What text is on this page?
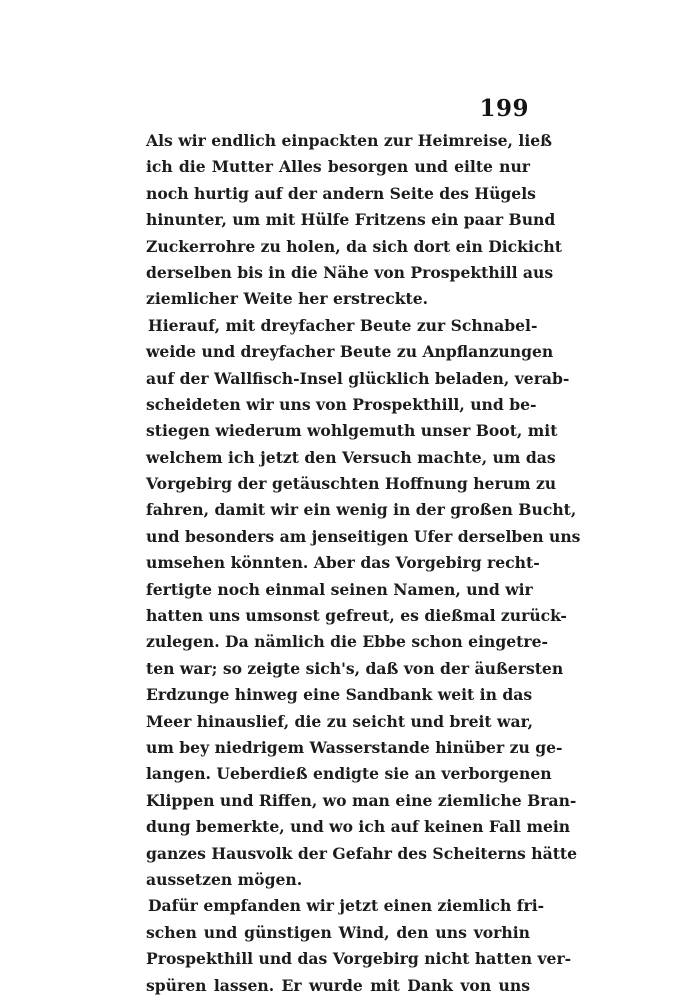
199
Als wir endlich einpackten zur Heimreise, ließ
ich die Mutter Alles besorgen und eilte nur
noch hurtig auf der andern Seite des Hügels
hinunter, um mit Hülfe Fritzens ein paar Bund
Zuckerrohre zu holen, da sich dort ein Dickicht
derselben bis in die Nähe von Prospekthill aus
ziemlicher Weite her erstreckte.
Hierauf, mit dreyfacher Beute zur Schnabel-
weide und dreyfacher Beute zu Anpflanzungen
auf der Wallfisch-Insel glücklich beladen, verab-
scheideten wir uns von Prospekthill, und be-
stiegen wiederum wohlgemuth unser Boot, mit
welchem ich jetzt den Versuch machte, um das
Vorgebirg der getäuschten Hoffnung herum zu
fahren, damit wir ein wenig in der großen Bucht,
und besonders am jenseitigen Ufer derselben uns
umsehen könnten. Aber das Vorgebirg recht-
fertigte noch einmal seinen Namen, und wir
hatten uns umsonst gefreut, es dießmal zurück-
zulegen. Da nämlich die Ebbe schon eingetre-
ten war; so zeigte sich's, daß von der äußersten
Erdzunge hinweg eine Sandbank weit in das
Meer hinauslief, die zu seicht und breit war,
um bey niedrigem Wasserstande hinüber zu ge-
langen. Ueberdieß endigte sie an verborgenen
Klippen und Riffen, wo man eine ziemliche Bran-
dung bemerkte, und wo ich auf keinen Fall mein
ganzes Hausvolk der Gefahr des Scheiterns hätte
aussetzen mögen.
Dafür empfanden wir jetzt einen ziemlich fri-
schen und günstigen Wind, den uns vorhin
Prospekthill und das Vorgebirg nicht hatten ver-
spüren lassen. Er wurde mit Dank von uns
